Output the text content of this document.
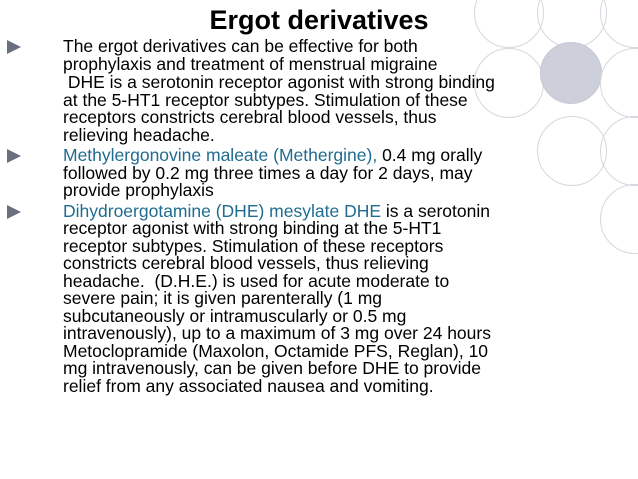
Ergot derivatives

The ergot derivatives can be effective for both
prophylaxis and treatment of menstrual migraine

DHE is a serotonin receptor agonist with strong binding
at the 5-HT1 receptor subtypes. Stimulation of these
receptors constricts cerebral blood vessels, thus
relieving headache.

Methylergonovine maleate (Methergine), 0.4 mg orally
followed by 0.2 mg three times a day for 2 days, may
provide prophylaxis

Dihydroergotamine (DHE) mesylate DHE is a serotonin
receptor agonist with strong binding at the 5-HT1
receptor subtypes. Stimulation of these receptors
constricts cerebral blood vessels, thus relieving
headache.  (D.H.E.) is used for acute moderate to
severe pain; it is given parenterally (1 mg
subcutaneously or intramuscularly or 0.5 mg
intravenously), up to a maximum of 3 mg over 24 hours
Metoclopramide (Maxolon, Octamide PFS, Reglan), 10
mg intravenously, can be given before DHE to provide
relief from any associated nausea and vomiting.
